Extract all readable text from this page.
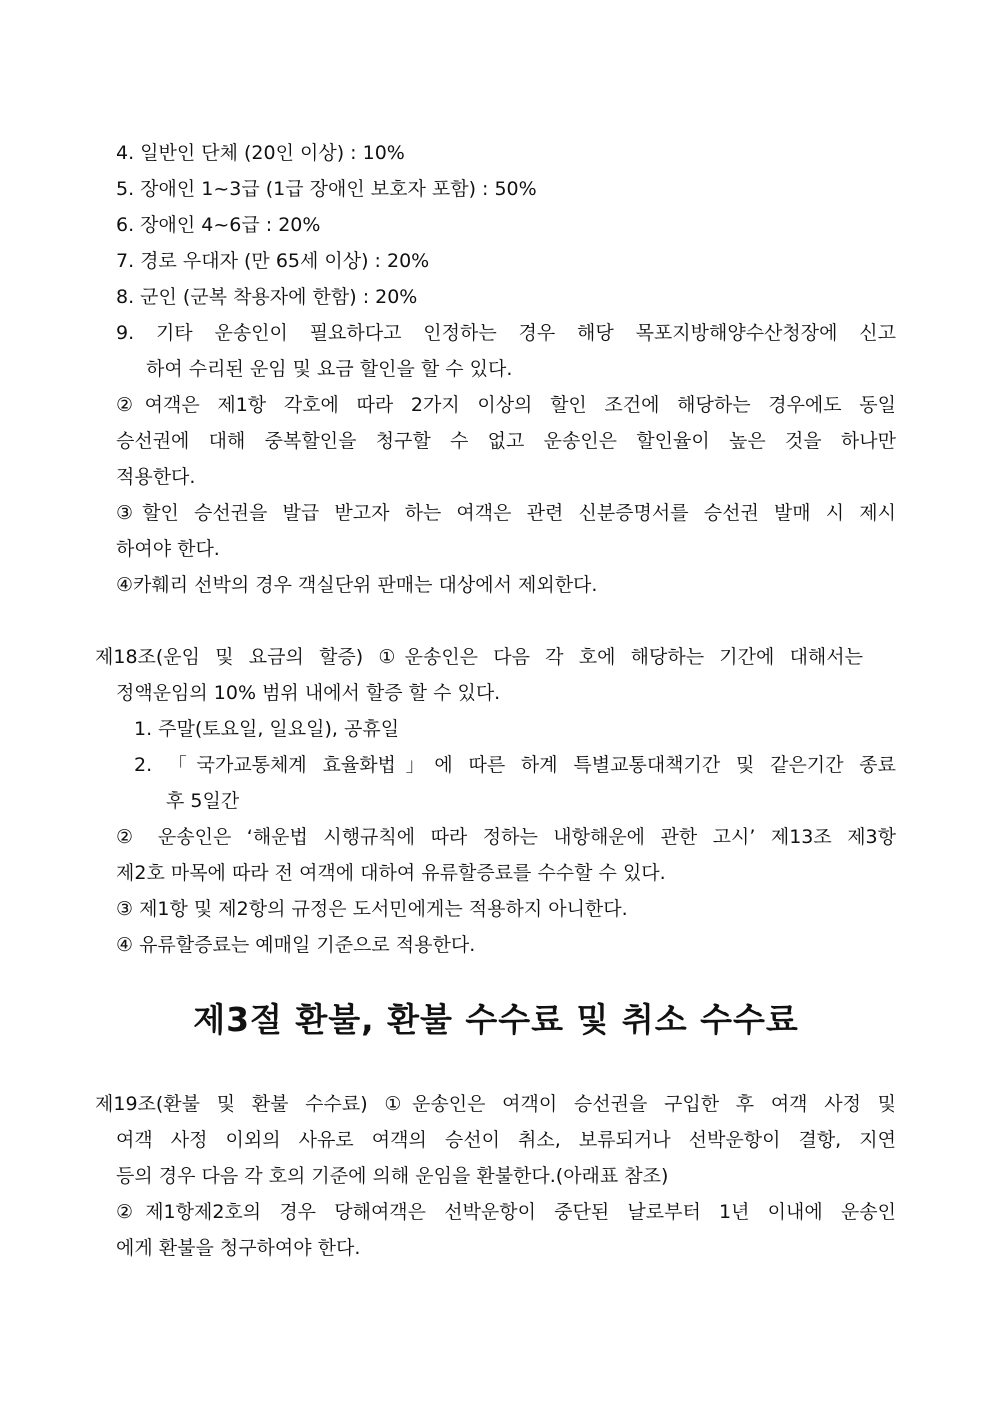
4. 일반인 단체 (20인 이상) : 10%
5. 장애인 1~3급 (1급 장애인 보호자 포함) : 50%
6. 장애인 4~6급 : 20%
7. 경로 우대자 (만 65세 이상) : 20%
8. 군인 (군복 착용자에 한함) : 20%
9. 기타 운송인이 필요하다고 인정하는 경우 해당 목포지방해양수산청장에 신고
하여 수리된 운임 및 요금 할인을 할 수 있다.
②여객은 제1항 각호에 따라 2가지 이상의 할인 조건에 해당하는 경우에도 동일
승선권에 대해 중복할인을 청구할 수 없고 운송인은 할인율이 높은 것을 하나만
적용한다.
③할인 승선권을 발급 받고자 하는 여객은 관련 신분증명서를 승선권 발매 시 제시
하여야 한다.
④카훼리 선박의 경우 객실단위 판매는 대상에서 제외한다.
제18조(운임 및 요금의 할증) ①운송인은 다음 각 호에 해당하는 기간에 대해서는
정액운임의 10% 범위 내에서 할증 할 수 있다.
1. 주말(토요일, 일요일), 공휴일
2. 「국가교통체계 효율화법」에 따른 하계 특별교통대책기간 및 같은기간 종료
후 5일간
② 운송인은 ‘해운법 시행규칙에 따라 정하는 내항해운에 관한 고시’ 제13조 제3항
제2호 마목에 따라 전 여객에 대하여 유류할증료를 수수할 수 있다.
③ 제1항 및 제2항의 규정은 도서민에게는 적용하지 아니한다.
④ 유류할증료는 예매일 기준으로 적용한다.
제3절 환불, 환불 수수료 및 취소 수수료
제19조(환불 및 환불 수수료) ①운송인은 여객이 승선권을 구입한 후 여객 사정 및
여객 사정 이외의 사유로 여객의 승선이 취소, 보류되거나 선박운항이 결항, 지연
등의 경우 다음 각 호의 기준에 의해 운임을 환불한다.(아래표 참조)
②제1항제2호의 경우 당해여객은 선박운항이 중단된 날로부터 1년 이내에 운송인
에게 환불을 청구하여야 한다.
